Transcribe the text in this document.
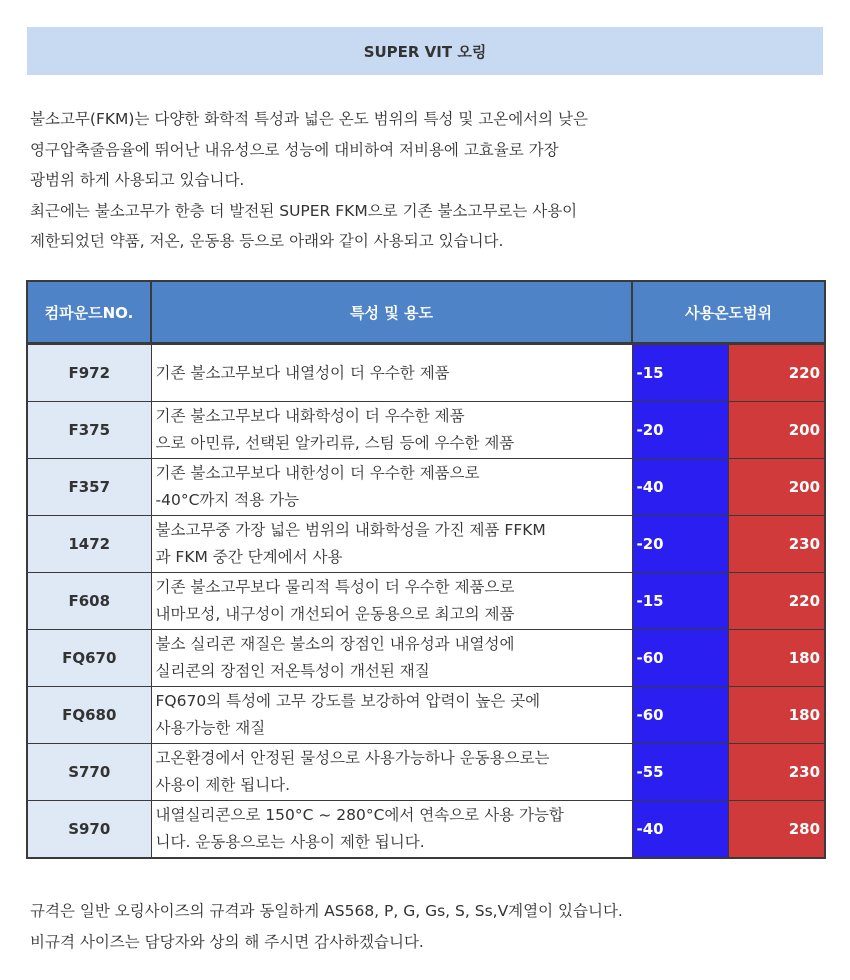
SUPER VIT 오링

불소고무(FKM)는 다양한 화학적 특성과 넓은 온도 범위의 특성 및 고온에서의 낮은

영구압축줄음율에 뛰어난 내유성으로 성능에 대비하여 저비용에 고효율로 가장

광범위 하게 사용되고 있습니다.

최근에는 불소고무가 한층 더 발전된 SUPER FKM으로 기존 불소고무로는 사용이

제한되었던 약품, 저온, 운동용 등으로 아래와 같이 사용되고 있습니다.

컴파운드NO.	특성 및 용도	사용온도범위	
F972	기존 불소고무보다 내열성이 더 우수한 제품	-15	220
F375	기존 불소고무보다 내화학성이 더 우수한 제품
으로 아민류, 선택된 알카리류, 스팀 등에 우수한 제품	-20	200
F357	기존 불소고무보다 내한성이 더 우수한 제품으로
-40°C까지 적용 가능	-40	200
1472	불소고무중 가장 넓은 범위의 내화학성을 가진 제품 FFKM
과 FKM 중간 단계에서 사용	-20	230
F608	기존 불소고무보다 물리적 특성이 더 우수한 제품으로
내마모성, 내구성이 개선되어 운동용으로 최고의 제품	-15	220
FQ670	불소 실리콘 재질은 불소의 장점인 내유성과 내열성에
실리콘의 장점인 저온특성이 개선된 재질	-60	180
FQ680	FQ670의 특성에 고무 강도를 보강하여 압력이 높은 곳에
사용가능한 재질	-60	180
S770	고온환경에서 안정된 물성으로 사용가능하나 운동용으로는
사용이 제한 됩니다.	-55	230
S970	내열실리콘으로 150°C ~ 280°C에서 연속으로 사용 가능합
니다. 운동용으로는 사용이 제한 됩니다.	-40	280

규격은 일반 오링사이즈의 규격과 동일하게 AS568, P, G, Gs, S, Ss,V계열이 있습니다.

비규격 사이즈는 담당자와 상의 해 주시면 감사하겠습니다.
